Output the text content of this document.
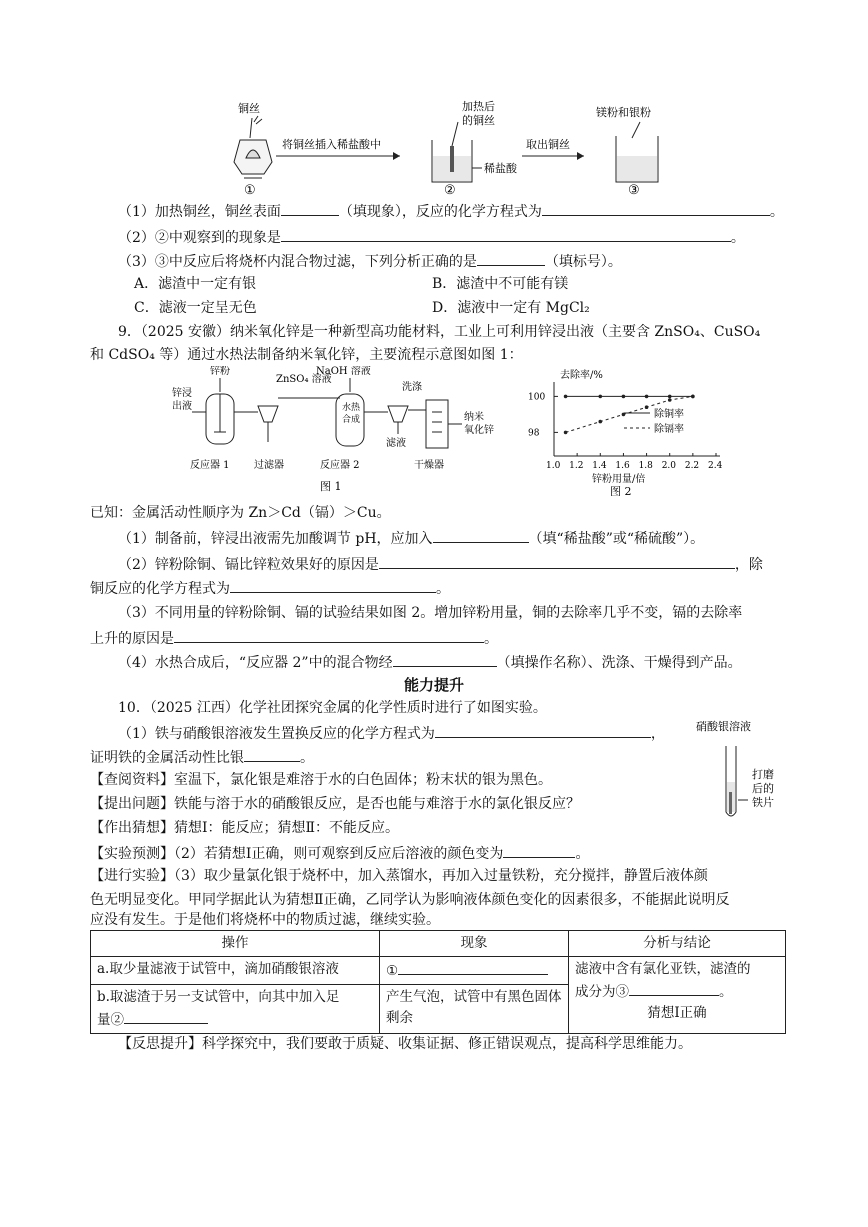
铜丝
①
将铜丝插入稀盐酸中
加热后
的铜丝
稀盐酸
②
取出铜丝
镁粉和银粉
③
（1）加热铜丝，铜丝表面	（填现象），反应的化学方程式为	。
（2）②中观察到的现象是	。
（3）③中反应后将烧杯内混合物过滤，下列分析正确的是	（填标号）。
A．滤渣中一定有银	B．滤渣中不可能有镁
C．滤液一定呈无色	D．滤液中一定有 MgCl₂
9．（2025 安徽）纳米氧化锌是一种新型高功能材料，工业上可利用锌浸出液（主要含 ZnSO₄、CuSO₄
和 CdSO₄ 等）通过水热法制备纳米氧化锌，主要流程示意图如图 1：
锌粉
锌浸
出液
ZnSO₄ 溶液
NaOH 溶液
水热
合成
滤液
洗涤
纳米
氧化锌
反应器 1 过滤器	反应器 2	干燥器
图 1
去除率/%
1.0 1.2 1.4 1.6 1.8 2.0 2.2 2.4
98
100
锌粉用量/倍
图 2
除铜率
除镉率
已知：金属活动性顺序为 Zn＞Cd（镉）＞Cu。
（1）制备前，锌浸出液需先加酸调节 pH，应加入	（填“稀盐酸”或“稀硫酸”）。
（2）锌粉除铜、镉比锌粒效果好的原因是	，除
铜反应的化学方程式为	。
（3）不同用量的锌粉除铜、镉的试验结果如图 2。增加锌粉用量，铜的去除率几乎不变，镉的去除率
上升的原因是	。
（4）水热合成后，“反应器 2”中的混合物经	（填操作名称）、洗涤、干燥得到产品。
能力提升
10．（2025 江西）化学社团探究金属的化学性质时进行了如图实验。
（1）铁与硝酸银溶液发生置换反应的化学方程式为	，
证明铁的金属活动性比银	。
硝酸银溶液
打磨
后的
铁片
【查阅资料】室温下，氯化银是难溶于水的白色固体；粉末状的银为黑色。
【提出问题】铁能与溶于水的硝酸银反应，是否也能与难溶于水的氯化银反应？
【作出猜想】猜想Ⅰ：能反应；猜想Ⅱ：不能反应。
【实验预测】（2）若猜想Ⅰ正确，则可观察到反应后溶液的颜色变为	。
【进行实验】（3）取少量氯化银于烧杯中，加入蒸馏水，再加入过量铁粉，充分搅拌，静置后液体颜
色无明显变化。甲同学据此认为猜想Ⅱ正确，乙同学认为影响液体颜色变化的因素很多，不能据此说明反
应没有发生。于是他们将烧杯中的物质过滤，继续实验。
操作	现象	分析与结论
a.取少量滤液于试管中，滴加硝酸银溶液	①	滤液中含有氯化亚铁，滤渣的
成分为③ 。
猜想Ⅰ正确

b.取滤渣于另一支试管中，向其中加入足
量②	产生气泡，试管中有黑色固体剩余	
【反思提升】科学探究中，我们要敢于质疑、收集证据、修正错误观点，提高科学思维能力。
